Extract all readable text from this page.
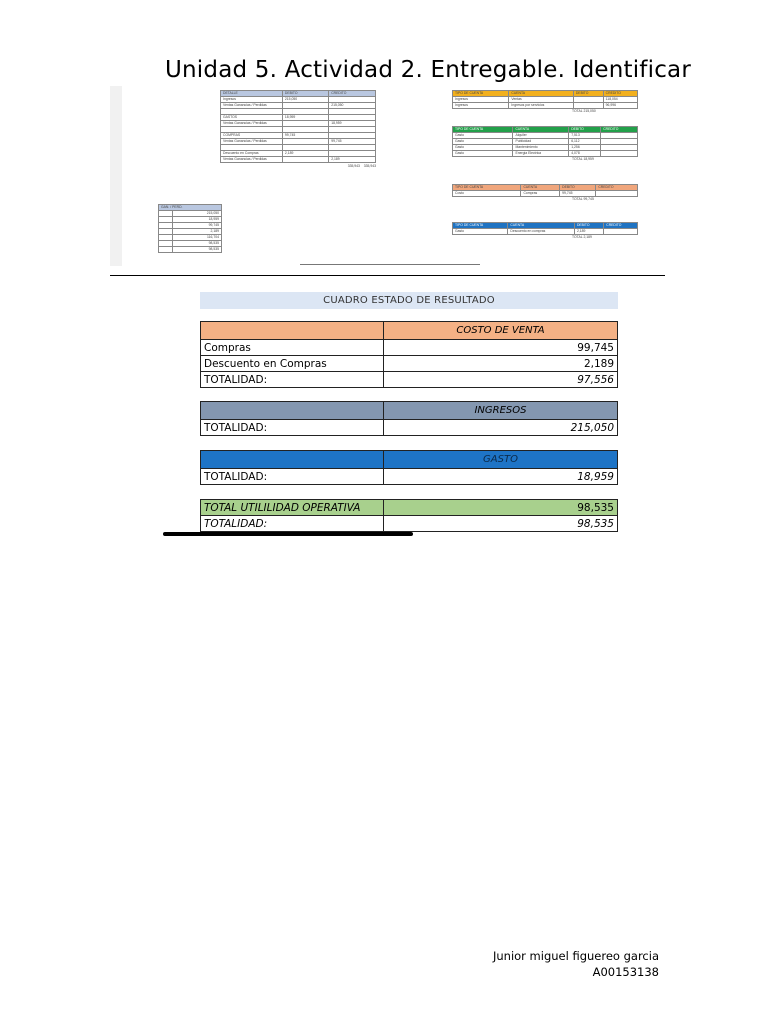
Unidad 5. Actividad 2. Entregable. Identificar
DETALLE	DEBITO	CREDITO
Ingresos	215,050	
Ventas Ganancias / Perdidas		215,050

GASTOS	18,959	
Ventas Ganancias / Perdidas		18,959

COMPRAS	99,745	
Ventas Ganancias / Perdidas		99,745

Descuento en Compras	2,189	
Ventas Ganancias / Perdidas		2,189
335,943 335,943
GAN. / PERD.	
	215,050
	18,959
	99,745
	2,189
	116,704
	98,535
	98,535
TIPO DE CUENTA	CUENTA	DEBITO	CREDITO
Ingresos	Ventas		118,054
Ingresos	Ingresos por servicios		96,996
TOTAL 215,050
TIPO DE CUENTA	CUENTA	DEBITO	CREDITO
Gasto	Alquiler	7,513	
Gasto	Publicidad	6,112	
Gasto	Mantenimiento	1,256	
Gasto	Energia Electrica	4,078	
TOTAL 18,959
TIPO DE CUENTA	CUENTA	DEBITO	CREDITO
Costo	Compras	99,745	
TOTAL 99,745
TIPO DE CUENTA	CUENTA	DEBITO	CREDITO
Gasto	Descuento en compras	2,189	
TOTAL 2,189
CUADRO ESTADO DE RESULTADO
	COSTO DE VENTA
Compras	99,745
Descuento en Compras	2,189
TOTALIDAD:	97,556
	INGRESOS
TOTALIDAD:	215,050
	GASTO
TOTALIDAD:	18,959
TOTAL UTILILIDAD OPERATIVA	98,535
TOTALIDAD:	98,535
Junior miguel figuereo garcia
A00153138
